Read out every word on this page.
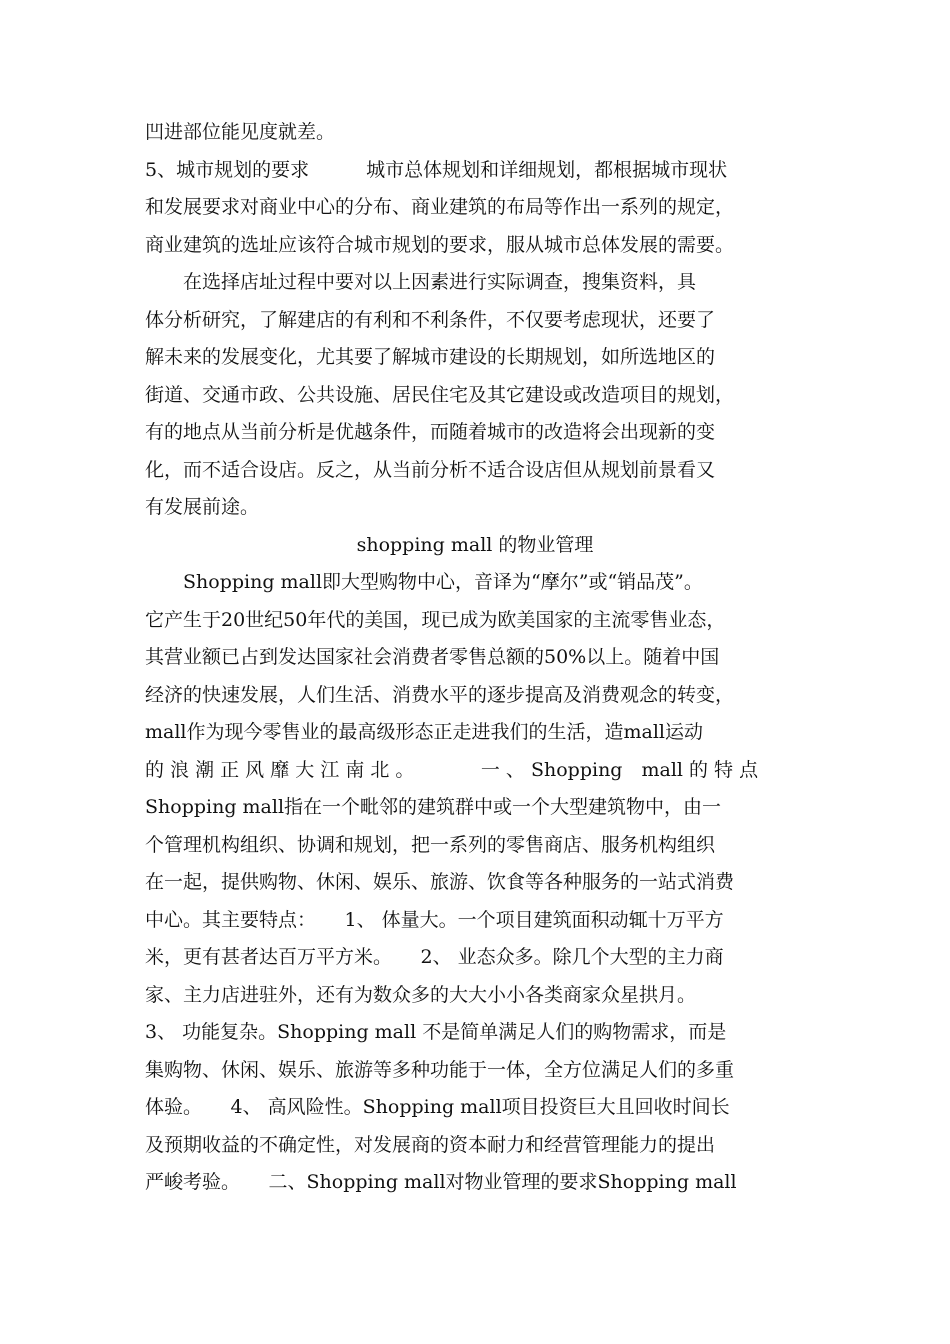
凹进部位能见度就差。
5、城市规划的要求　　　城市总体规划和详细规划，都根据城市现状
和发展要求对商业中心的分布、商业建筑的布局等作出一系列的规定，
商业建筑的选址应该符合城市规划的要求，服从城市总体发展的需要。
　　在选择店址过程中要对以上因素进行实际调查，搜集资料，具
体分析研究，了解建店的有利和不利条件，不仅要考虑现状，还要了
解未来的发展变化，尤其要了解城市建设的长期规划，如所选地区的
街道、交通市政、公共设施、居民住宅及其它建设或改造项目的规划，
有的地点从当前分析是优越条件，而随着城市的改造将会出现新的变
化，而不适合设店。反之，从当前分析不适合设店但从规划前景看又
有发展前途。
shopping mall 的物业管理
　　Shopping mall即大型购物中心，音译为“摩尔”或“销品茂”。
它产生于20世纪50年代的美国，现已成为欧美国家的主流零售业态，
其营业额已占到发达国家社会消费者零售总额的50%以上。随着中国
经济的快速发展，人们生活、消费水平的逐步提高及消费观念的转变，
mall作为现今零售业的最高级形态正走进我们的生活，造mall运动
的 浪 潮 正 风 靡 大 江 南 北 。　　　　一 、 Shopping　mall 的 特 点
Shopping mall指在一个毗邻的建筑群中或一个大型建筑物中，由一
个管理机构组织、协调和规划，把一系列的零售商店、服务机构组织
在一起，提供购物、休闲、娱乐、旅游、饮食等各种服务的一站式消费
中心。其主要特点：　　1、 体量大。一个项目建筑面积动辄十万平方
米，更有甚者达百万平方米。　　2、 业态众多。除几个大型的主力商
家、主力店进驻外，还有为数众多的大大小小各类商家众星拱月。
3、 功能复杂。Shopping mall 不是简单满足人们的购物需求，而是
集购物、休闲、娱乐、旅游等多种功能于一体，全方位满足人们的多重
体验。　　4、 高风险性。Shopping mall项目投资巨大且回收时间长
及预期收益的不确定性，对发展商的资本耐力和经营管理能力的提出
严峻考验。　　二、Shopping mall对物业管理的要求Shopping mall
